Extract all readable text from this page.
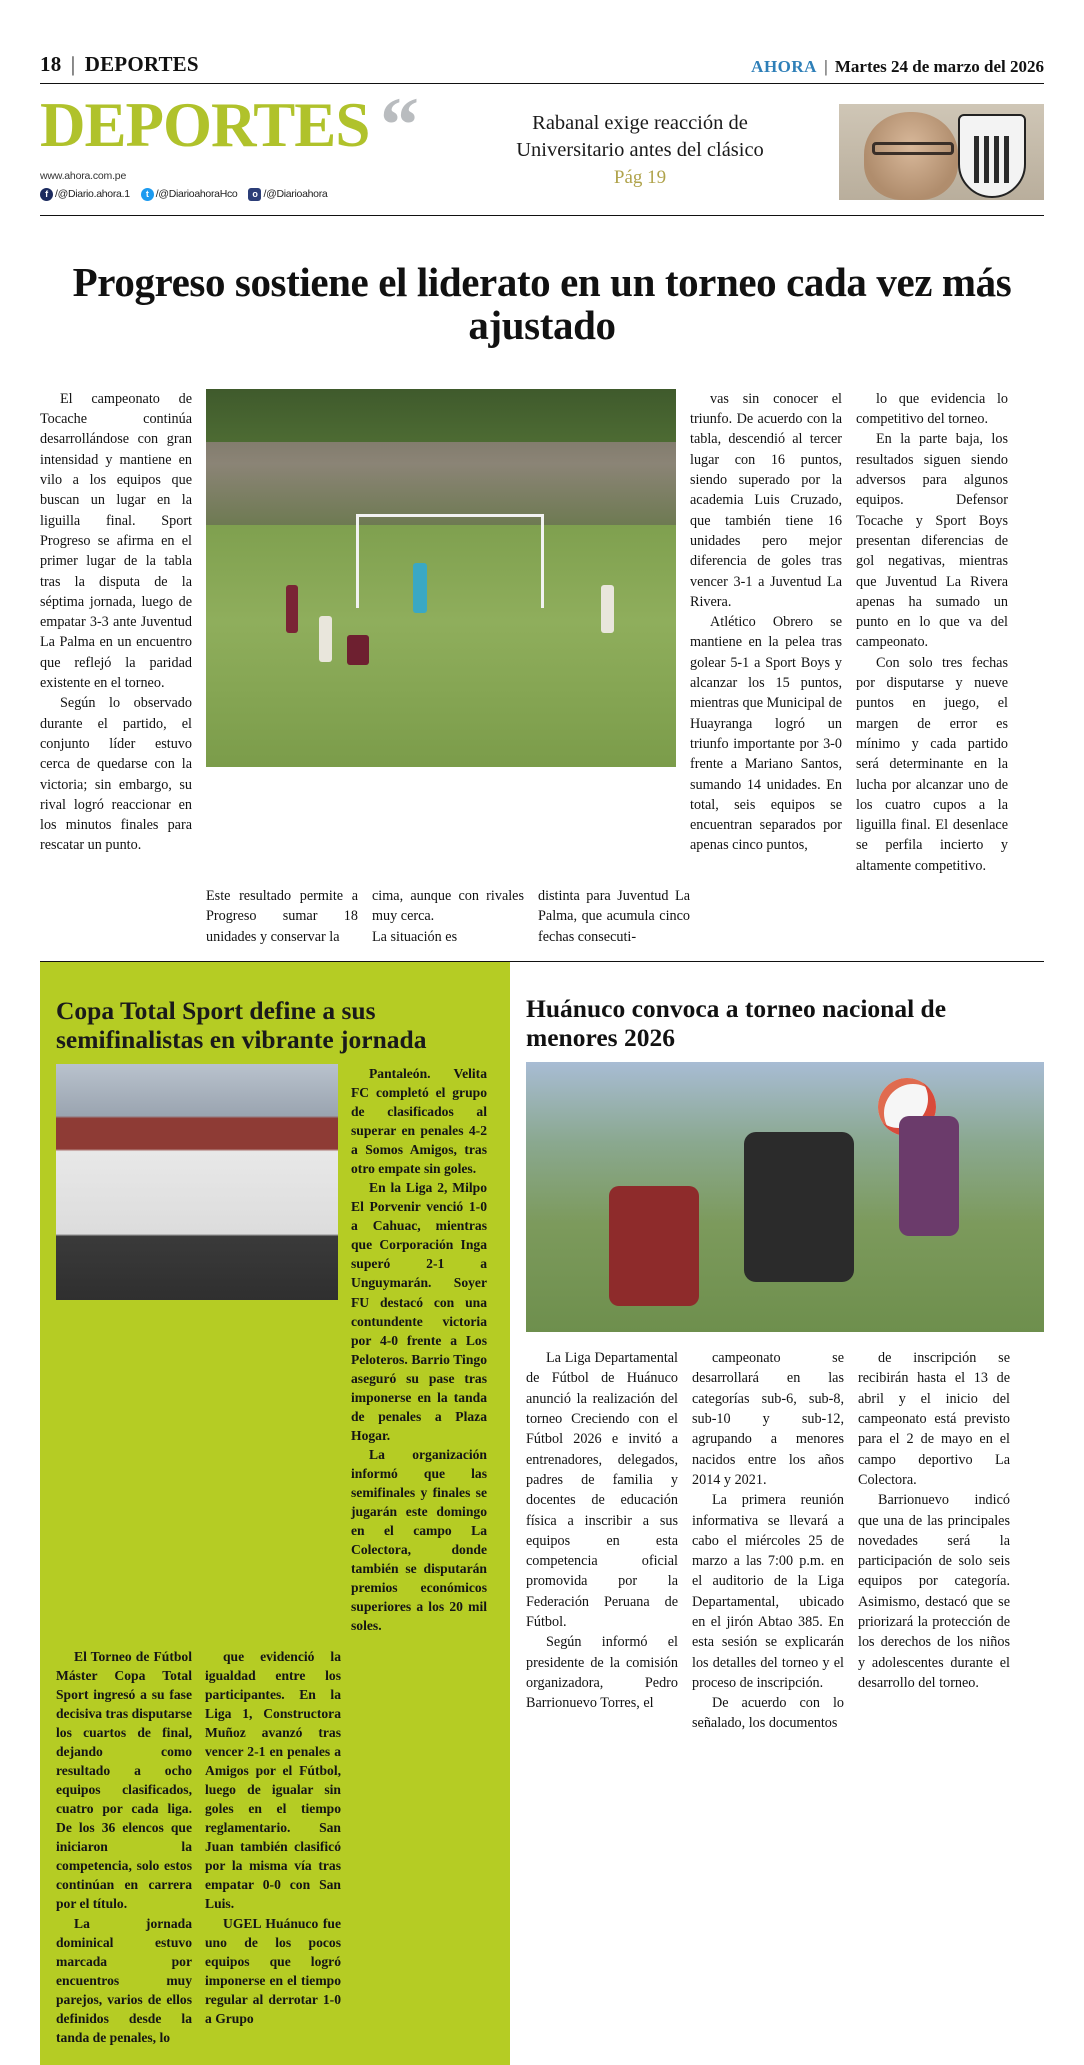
18 | DEPORTES	AHORA | Martes 24 de marzo del 2026
DEPORTES
www.ahora.com.pe
f /@Diario.ahora.1	t /@DiarioahoraHco	o /@Diarioahora
“	Rabanal exige reacción de
Universitario antes del clásico
Pág 19
Progreso sostiene el liderato en un torneo cada vez más ajustado

El campeonato de Tocache continúa desarrollándose con gran intensidad y mantiene en vilo a los equipos que buscan un lugar en la liguilla final. Sport Progreso se afirma en el primer lugar de la tabla tras la disputa de la séptima jornada, luego de empatar 3-3 ante Juventud La Palma en un encuentro que reflejó la paridad existente en el torneo.

Según lo observado durante el partido, el conjunto líder estuvo cerca de quedarse con la victoria; sin embargo, su rival logró reaccionar en los minutos finales para rescatar un punto.

vas sin conocer el triunfo. De acuerdo con la tabla, descendió al tercer lugar con 16 puntos, siendo superado por la academia Luis Cruzado, que también tiene 16 unidades pero mejor diferencia de goles tras vencer 3-1 a Juventud La Rivera.

Atlético Obrero se mantiene en la pelea tras golear 5-1 a Sport Boys y alcanzar los 15 puntos, mientras que Municipal de Huayranga logró un triunfo importante por 3-0 frente a Mariano Santos, sumando 14 unidades. En total, seis equipos se encuentran separados por apenas cinco puntos,

lo que evidencia lo competitivo del torneo.

En la parte baja, los resultados siguen siendo adversos para algunos equipos. Defensor Tocache y Sport Boys presentan diferencias de gol negativas, mientras que Juventud La Rivera apenas ha sumado un punto en lo que va del campeonato.

Con solo tres fechas por disputarse y nueve puntos en juego, el margen de error es mínimo y cada partido será determinante en la lucha por alcanzar uno de los cuatro cupos a la liguilla final. El desenlace se perfila incierto y altamente competitivo.

Este resultado permite a Progreso sumar 18 unidades y conservar la

cima, aunque con rivales muy cerca.

La situación es

distinta para Juventud La Palma, que acumula cinco fechas consecuti-

Copa Total Sport define a sus semifinalistas en vibrante jornada

Pantaleón. Velita FC completó el grupo de clasificados al superar en penales 4-2 a Somos Amigos, tras otro empate sin goles.

En la Liga 2, Milpo El Porvenir venció 1-0 a Cahuac, mientras que Corporación Inga superó 2-1 a Unguymarán. Soyer FU destacó con una contundente victoria por 4-0 frente a Los Peloteros. Barrio Tingo aseguró su pase tras imponerse en la tanda de penales a Plaza Hogar.

La organización informó que las semifinales y finales se jugarán este domingo en el campo La Colectora, donde también se disputarán premios económicos superiores a los 20 mil soles.

El Torneo de Fútbol Máster Copa Total Sport ingresó a su fase decisiva tras disputarse los cuartos de final, dejando como resultado a ocho equipos clasificados, cuatro por cada liga. De los 36 elencos que iniciaron la competencia, solo estos continúan en carrera por el título.

La jornada dominical estuvo marcada por encuentros muy parejos, varios de ellos definidos desde la tanda de penales, lo

que evidenció la igualdad entre los participantes. En la Liga 1, Constructora Muñoz avanzó tras vencer 2-1 en penales a Amigos por el Fútbol, luego de igualar sin goles en el tiempo reglamentario. San Juan también clasificó por la misma vía tras empatar 0-0 con San Luis.

UGEL Huánuco fue uno de los pocos equipos que logró imponerse en el tiempo regular al derrotar 1-0 a Grupo

Huánuco convoca a torneo nacional de menores 2026

La Liga Departamental de Fútbol de Huánuco anunció la realización del torneo Creciendo con el Fútbol 2026 e invitó a entrenadores, delegados, padres de familia y docentes de educación física a inscribir a sus equipos en esta competencia oficial promovida por la Federación Peruana de Fútbol.

Según informó el presidente de la comisión organizadora, Pedro Barrionuevo Torres, el

campeonato se desarrollará en las categorías sub-6, sub-8, sub-10 y sub-12, agrupando a menores nacidos entre los años 2014 y 2021.

La primera reunión informativa se llevará a cabo el miércoles 25 de marzo a las 7:00 p.m. en el auditorio de la Liga Departamental, ubicado en el jirón Abtao 385. En esta sesión se explicarán los detalles del torneo y el proceso de inscripción.

De acuerdo con lo señalado, los documentos

de inscripción se recibirán hasta el 13 de abril y el inicio del campeonato está previsto para el 2 de mayo en el campo deportivo La Colectora.

Barrionuevo indicó que una de las principales novedades será la participación de solo seis equipos por categoría. Asimismo, destacó que se priorizará la protección de los derechos de los niños y adolescentes durante el desarrollo del torneo.
